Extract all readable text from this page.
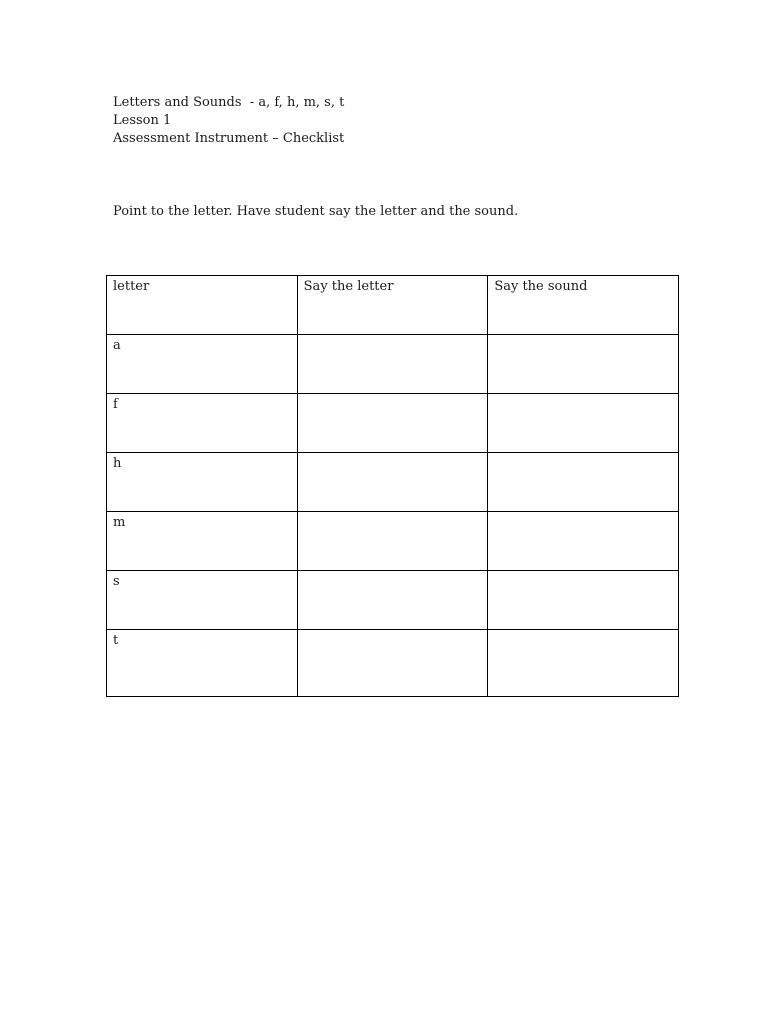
Letters and Sounds  - a, f, h, m, s, t
Lesson 1
Assessment Instrument – Checklist
Point to the letter. Have student say the letter and the sound.
letter	Say the letter	Say the sound
a		
f		
h		
m		
s		
t		
